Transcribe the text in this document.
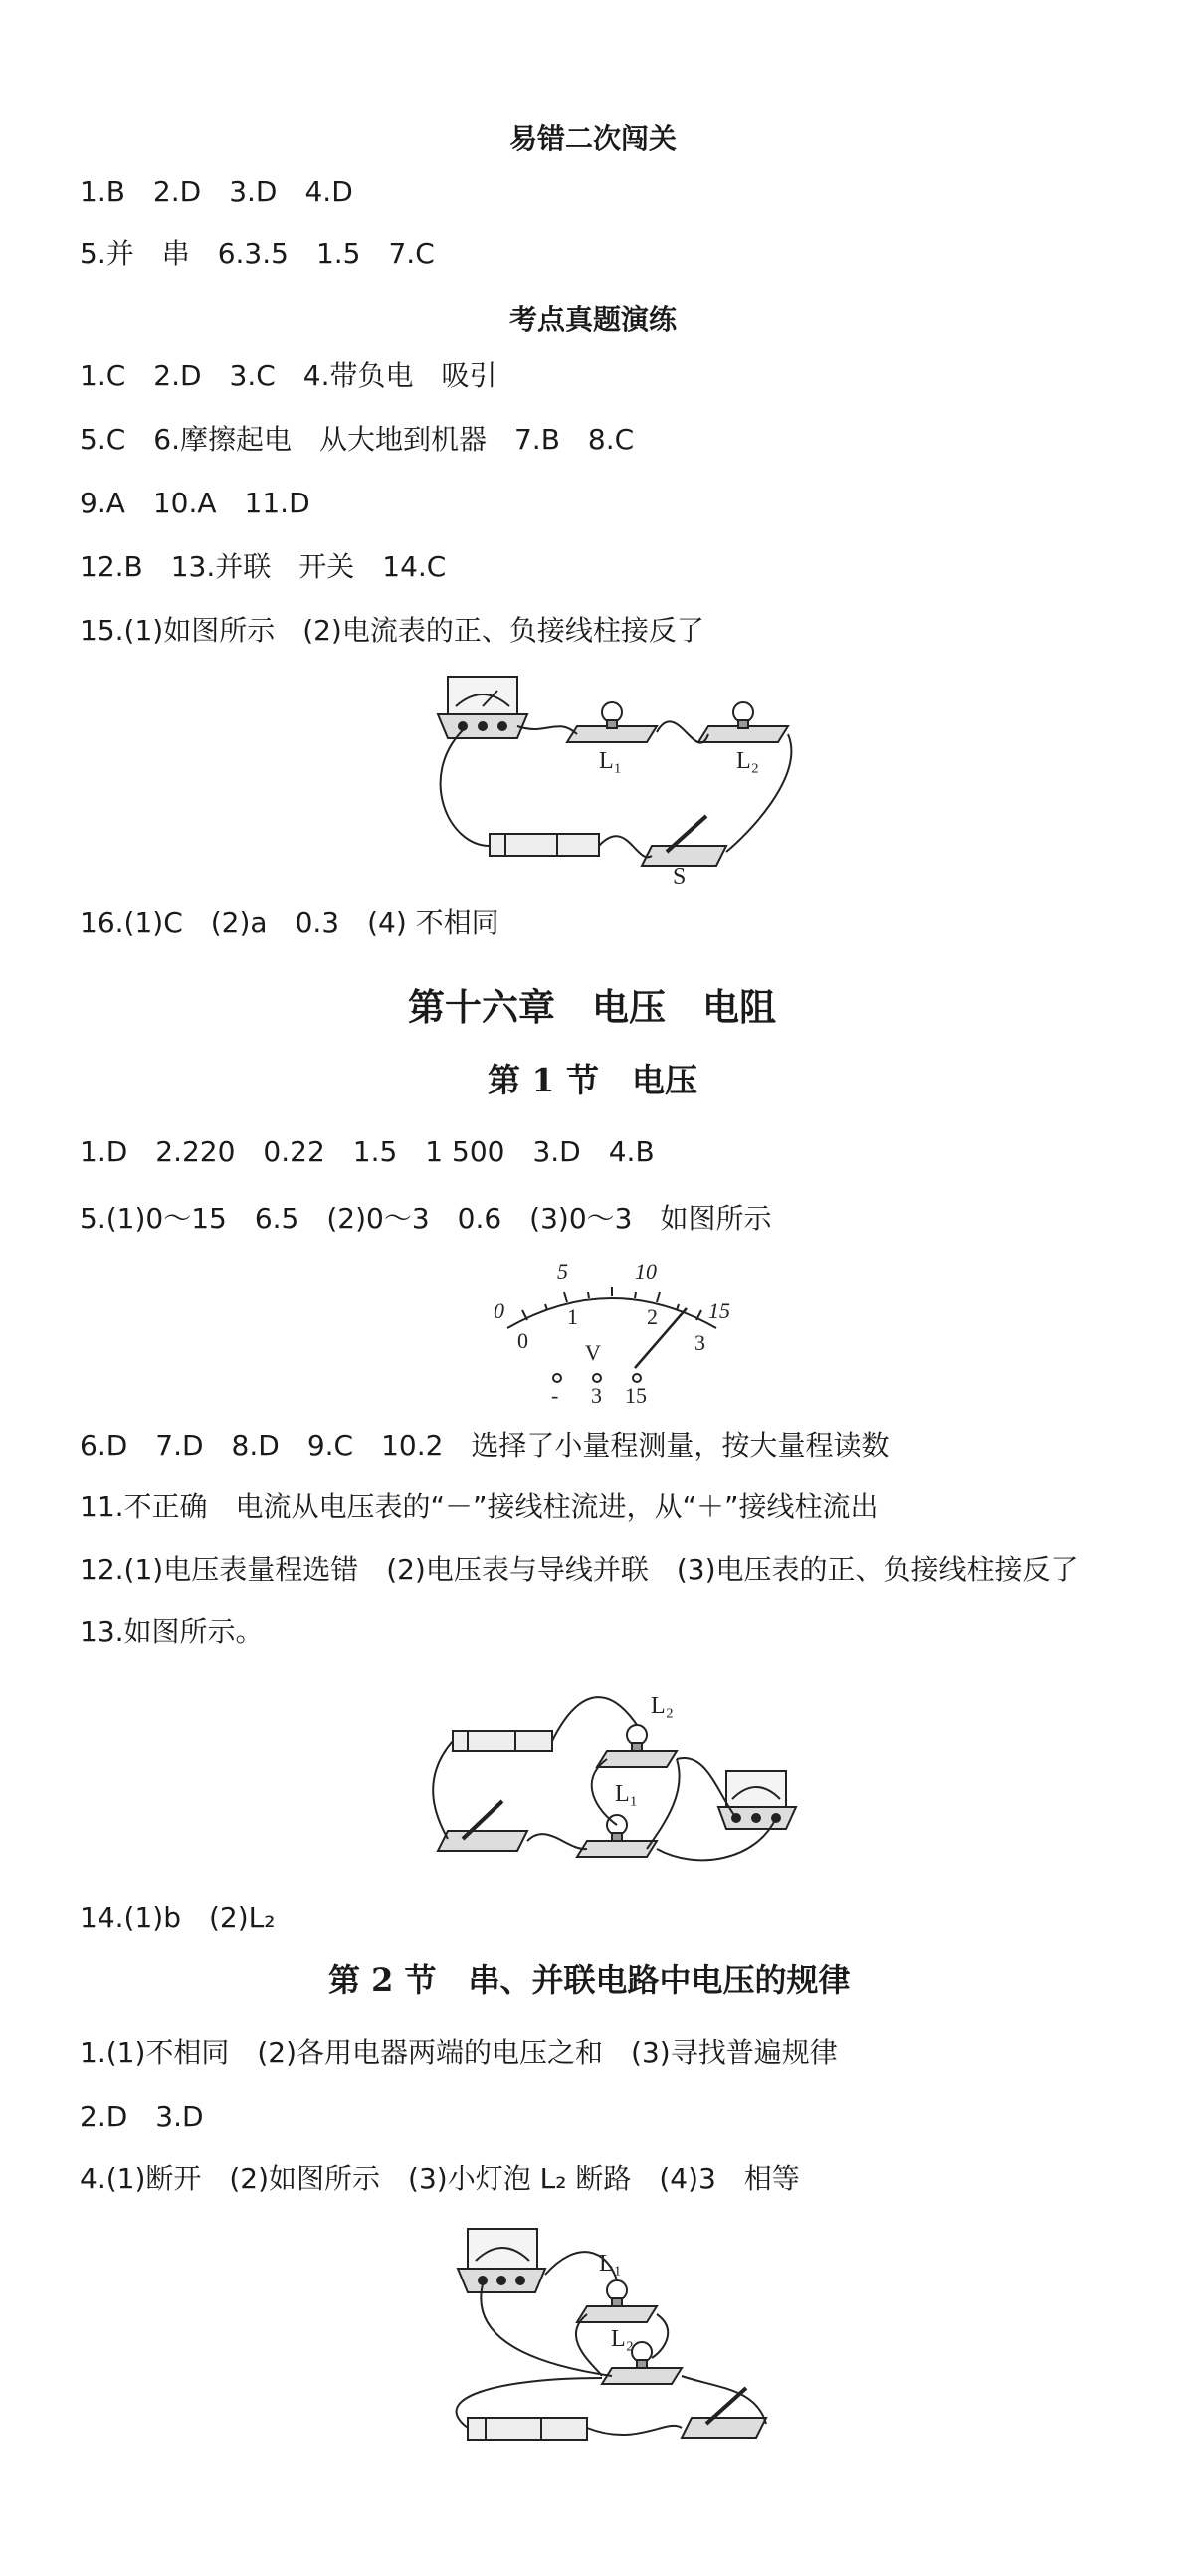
易错二次闯关
1.B　2.D　3.D　4.D
5.并　串　6.3.5　1.5　7.C
考点真题演练
1.C　2.D　3.C　4.带负电　吸引
5.C　6.摩擦起电　从大地到机器　7.B　8.C
9.A　10.A　11.D
12.B　13.并联　开关　14.C
15.(1)如图所示　(2)电流表的正、负接线柱接反了
L₁	L₂
S
16.(1)C　(2)a　0.3　(4) 不相同
第十六章　电压　电阻
第 1 节　电压
1.D　2.220　0.22　1.5　1 500　3.D　4.B
5.(1)0～15　6.5　(2)0～3　0.6　(3)0～3　如图所示
5	10
15
0
0
1	2
3
V
- 3 15
6.D　7.D　8.D　9.C　10.2　选择了小量程测量，按大量程读数
11.不正确　电流从电压表的“－”接线柱流进，从“＋”接线柱流出
12.(1)电压表量程选错　(2)电压表与导线并联　(3)电压表的正、负接线柱接反了
13.如图所示。
L₂
L₁
14.(1)b　(2)L₂
第 2 节　串、并联电路中电压的规律
1.(1)不相同　(2)各用电器两端的电压之和　(3)寻找普遍规律
2.D　3.D
4.(1)断开　(2)如图所示　(3)小灯泡 L₂ 断路　(4)3　相等
L₁
L₂
